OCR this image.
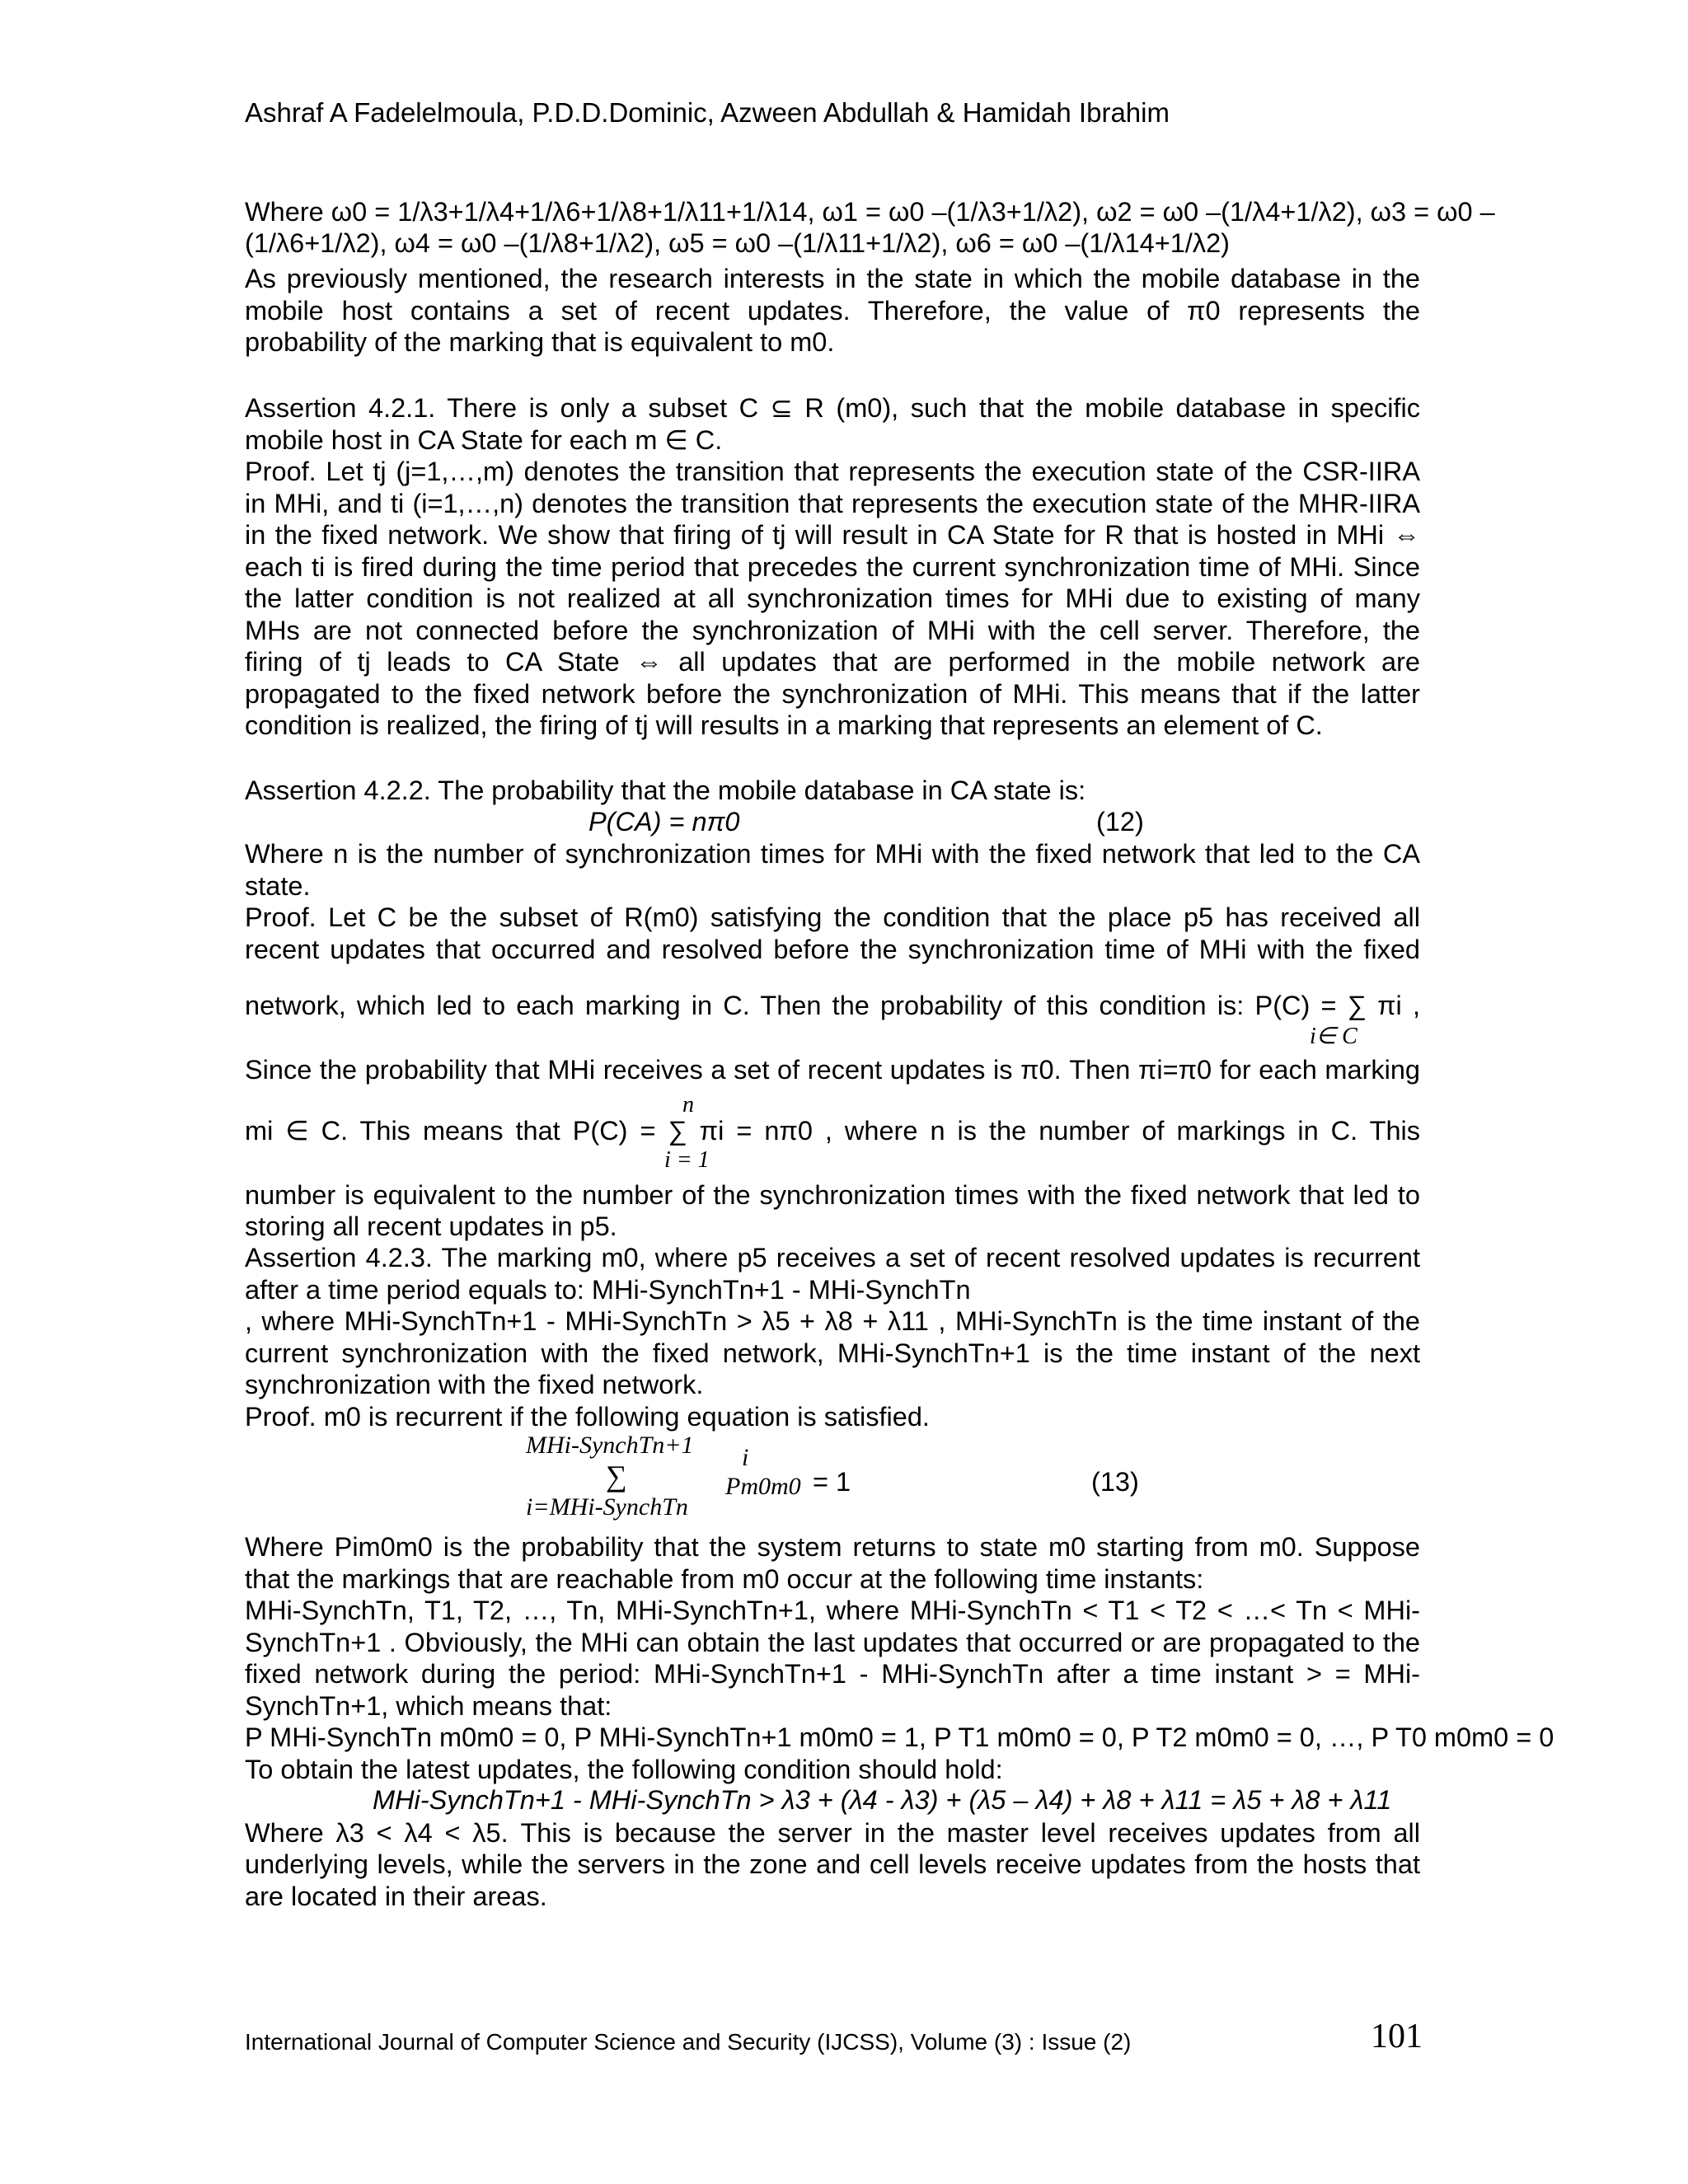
Ashraf A Fadelelmoula, P.D.D.Dominic, Azween Abdullah & Hamidah Ibrahim
Where ω0 = 1/λ3+1/λ4+1/λ6+1/λ8+1/λ11+1/λ14, ω1 = ω0 –(1/λ3+1/λ2), ω2 = ω0 –(1/λ4+1/λ2), ω3 = ω0 –
(1/λ6+1/λ2), ω4 = ω0 –(1/λ8+1/λ2), ω5 = ω0 –(1/λ11+1/λ2), ω6 = ω0 –(1/λ14+1/λ2)
As previously mentioned, the research interests in the state in which the mobile database in the
mobile host contains a set of recent updates. Therefore, the value of π0 represents the
probability of the marking that is equivalent to m0.
Assertion 4.2.1. There is only a subset C ⊆ R (m0), such that the mobile database in specific
mobile host in CA State for each m ∈ C.
Proof. Let tj (j=1,…,m) denotes the transition that represents the execution state of the CSR-IIRA
in MHi, and ti (i=1,…,n) denotes the transition that represents the execution state of the MHR-IIRA
in the fixed network. We show that firing of tj will result in CA State for R that is hosted in MHi ⇔
each ti is fired during the time period that precedes the current synchronization time of MHi. Since
the latter condition is not realized at all synchronization times for MHi due to existing of many
MHs are not connected before the synchronization of MHi with the cell server. Therefore, the
firing of tj leads to CA State ⇔ all updates that are performed in the mobile network are
propagated to the fixed network before the synchronization of MHi. This means that if the latter
condition is realized, the firing of tj will results in a marking that represents an element of C.
Assertion 4.2.2. The probability that the mobile database in CA state is:
P(CA) = nπ0	(12)
Where n is the number of synchronization times for MHi with the fixed network that led to the CA
state.
Proof. Let C be the subset of R(m0) satisfying the condition that the place p5 has received all
recent updates that occurred and resolved before the synchronization time of MHi with the fixed
network, which led to each marking in C. Then the probability of this condition is: P(C) = ∑ πi ,
i∈ C
Since the probability that MHi receives a set of recent updates is π0. Then πi=π0 for each marking
n
mi ∈ C. This means that P(C) = ∑ πi = nπ0 , where n is the number of markings in C. This
i = 1
number is equivalent to the number of the synchronization times with the fixed network that led to
storing all recent updates in p5.
Assertion 4.2.3. The marking m0, where p5 receives a set of recent resolved updates is recurrent
after a time period equals to: MHi-SynchTn+1 - MHi-SynchTn
, where MHi-SynchTn+1 - MHi-SynchTn > λ5 + λ8 + λ11 , MHi-SynchTn is the time instant of the
current synchronization with the fixed network, MHi-SynchTn+1 is the time instant of the next
synchronization with the fixed network.
Proof. m0 is recurrent if the following equation is satisfied.
MHi-SynchTn+1 i
∑	Pm0m0 = 1	(13)
i=MHi-SynchTn
Where Pim0m0 is the probability that the system returns to state m0 starting from m0. Suppose
that the markings that are reachable from m0 occur at the following time instants:
MHi-SynchTn, T1, T2, …, Tn, MHi-SynchTn+1, where MHi-SynchTn < T1 < T2 < …< Tn < MHi-
SynchTn+1 . Obviously, the MHi can obtain the last updates that occurred or are propagated to the
fixed network during the period: MHi-SynchTn+1 - MHi-SynchTn after a time instant > = MHi-
SynchTn+1, which means that:
P MHi-SynchTn m0m0 = 0, P MHi-SynchTn+1 m0m0 = 1, P T1 m0m0 = 0, P T2 m0m0 = 0, …, P T0 m0m0 = 0
To obtain the latest updates, the following condition should hold:
MHi-SynchTn+1 - MHi-SynchTn > λ3 + (λ4 - λ3) + (λ5 – λ4) + λ8 + λ11 = λ5 + λ8 + λ11
Where λ3 < λ4 < λ5. This is because the server in the master level receives updates from all
underlying levels, while the servers in the zone and cell levels receive updates from the hosts that
are located in their areas.
International Journal of Computer Science and Security (IJCSS), Volume (3) : Issue (2)	101
